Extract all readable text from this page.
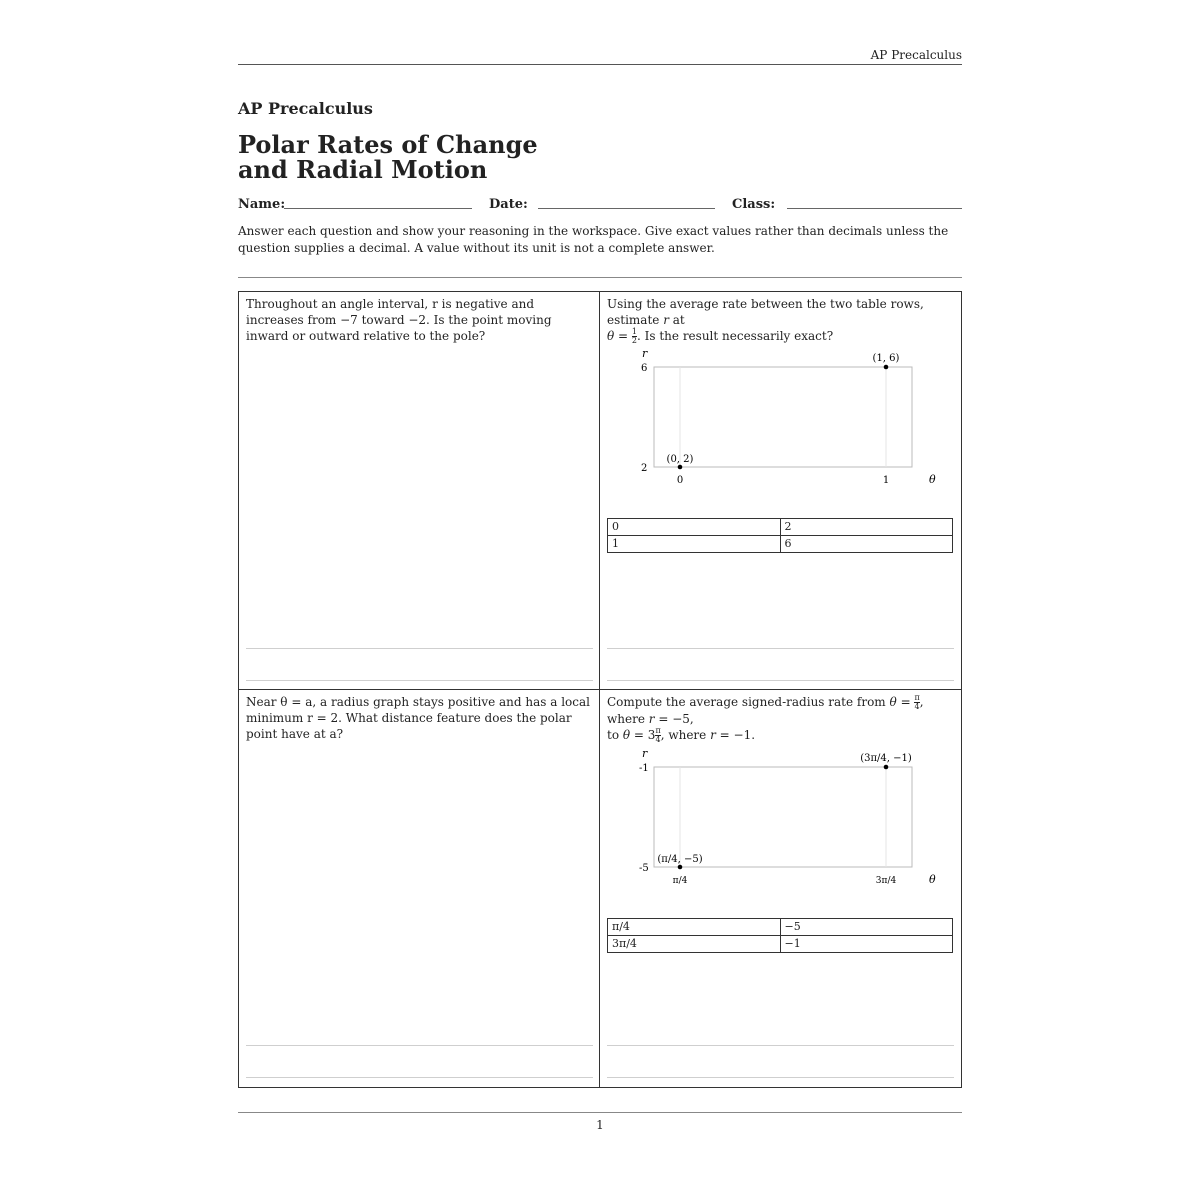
AP Precalculus
AP Precalculus
Polar Rates of Change
and Radial Motion
Name:	Date:	Class:
Answer each question and show your reasoning in the workspace. Give exact values rather than decimals unless the question supplies a decimal. A value without its unit is not a complete answer.
Throughout an angle interval, r is negative and increases from −7 toward −2. Is the point moving inward or outward relative to the pole?
Using the average rate between the two table rows, estimate r at
$\theta = \frac{1}{2}$ . Is the result necessarily exact?
r
6
2
0	1	θ
(0, 2)
(1, 6)
0	2
1	6
Near θ = a, a radius graph stays positive and has a local minimum r = 2. What distance feature does the polar point have at a?
Compute the average signed-radius rate from $\theta = \frac{\pi}{4}$ , where r = −5,
to $\theta = 3 \frac{\pi}{4}$ , where r = −1.
r
-1
-5
π/4	3π/4	θ
(π/4, −5)
(3π/4, −1)
π/4	−5
3π/4	−1
1
